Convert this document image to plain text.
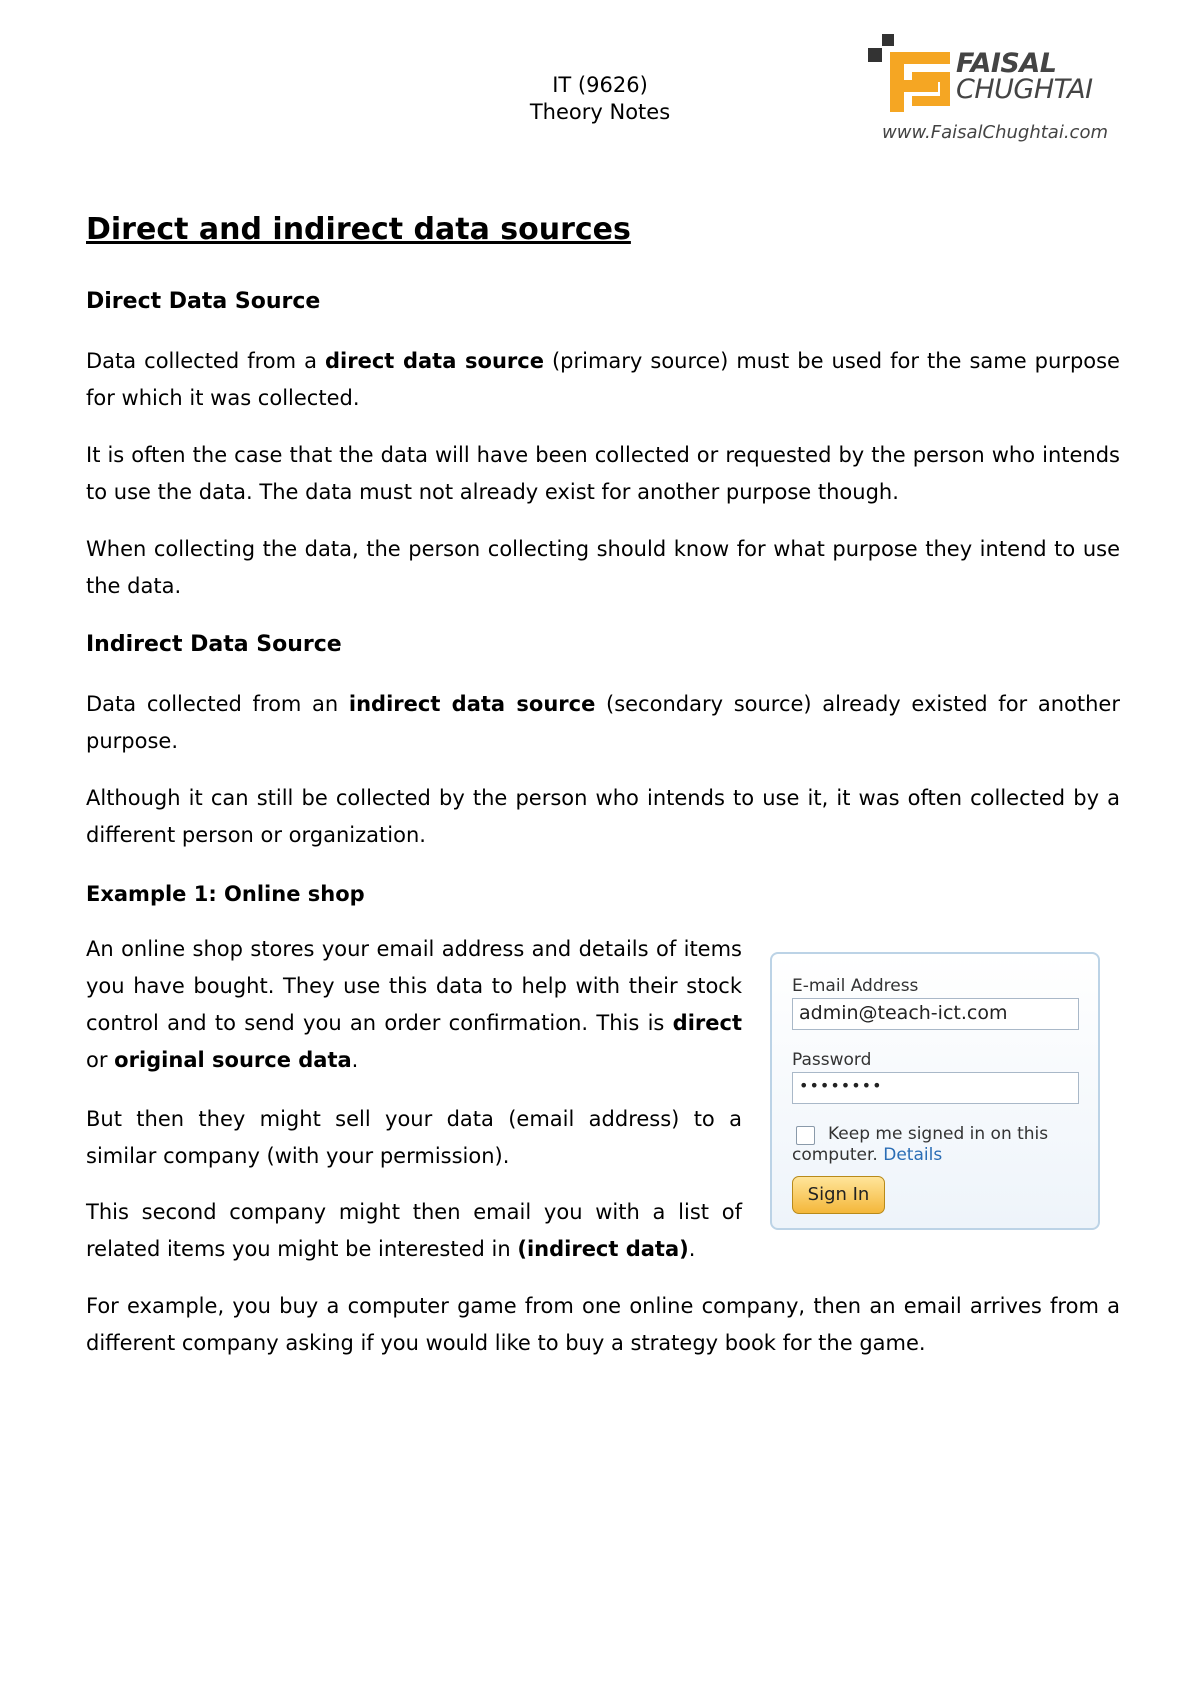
IT (9626)
Theory Notes
FAISAL
CHUGHTAI
www.FaisalChughtai.com
Direct and indirect data sources
Direct Data Source

Data collected from a direct data source (primary source) must be used for the same purpose for which it was collected.

It is often the case that the data will have been collected or requested by the person who intends to use the data. The data must not already exist for another purpose though.

When collecting the data, the person collecting should know for what purpose they intend to use the data.

Indirect Data Source

Data collected from an indirect data source (secondary source) already existed for another purpose.

Although it can still be collected by the person who intends to use it, it was often collected by a different person or organization.

Example 1: Online shop

An online shop stores your email address and details of items you have bought. They use this data to help with their stock control and to send you an order confirmation. This is direct or original source data.

But then they might sell your data (email address) to a similar company (with your permission).

This second company might then email you with a list of related items you might be interested in (indirect data).

For example, you buy a computer game from one online company, then an email arrives from a different company asking if you would like to buy a strategy book for the game.

E-mail Address
admin@teach-ict.com
Password
••••••••
Keep me signed in on this computer. Details
Sign In
